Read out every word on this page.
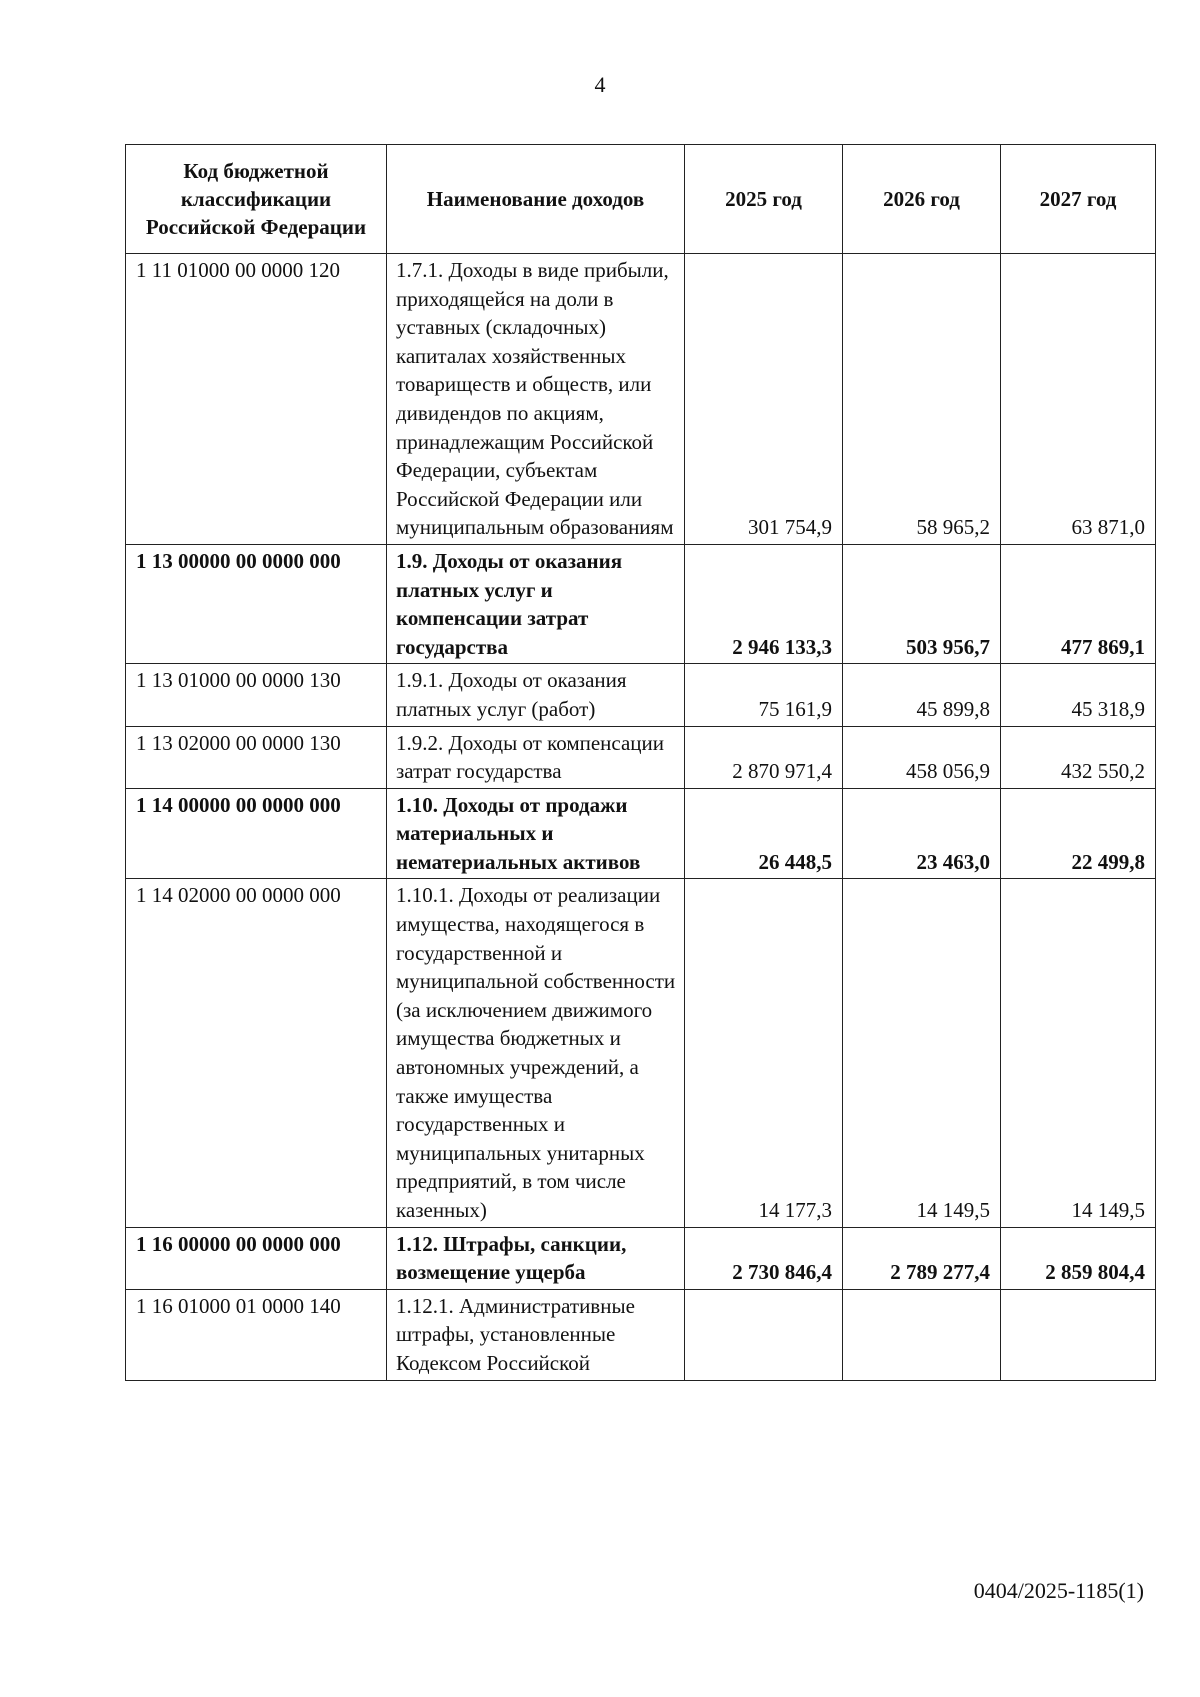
4
Код бюджетной классификации Российской Федерации	Наименование доходов	2025 год	2026 год	2027 год
1 11 01000 00 0000 120	1.7.1. Доходы в виде прибыли, приходящейся на доли в уставных (складочных) капиталах хозяйственных товариществ и обществ, или дивидендов по акциям, принадлежащим Российской Федерации, субъектам Российской Федерации или муниципальным образованиям	301 754,9	58 965,2	63 871,0
1 13 00000 00 0000 000	1.9. Доходы от оказания платных услуг и компенсации затрат государства	2 946 133,3	503 956,7	477 869,1
1 13 01000 00 0000 130	1.9.1. Доходы от оказания платных услуг (работ)	75 161,9	45 899,8	45 318,9
1 13 02000 00 0000 130	1.9.2. Доходы от компенсации затрат государства	2 870 971,4	458 056,9	432 550,2
1 14 00000 00 0000 000	1.10. Доходы от продажи материальных и нематериальных активов	26 448,5	23 463,0	22 499,8
1 14 02000 00 0000 000	1.10.1. Доходы от реализации имущества, находящегося в государственной и муниципальной собственности (за исключением движимого имущества бюджетных и автономных учреждений, а также имущества государственных и муниципальных унитарных предприятий, в том числе казенных)	14 177,3	14 149,5	14 149,5
1 16 00000 00 0000 000	1.12. Штрафы, санкции, возмещение ущерба	2 730 846,4	2 789 277,4	2 859 804,4
1 16 01000 01 0000 140	1.12.1. Административные штрафы, установленные Кодексом Российской			
0404/2025-1185(1)
